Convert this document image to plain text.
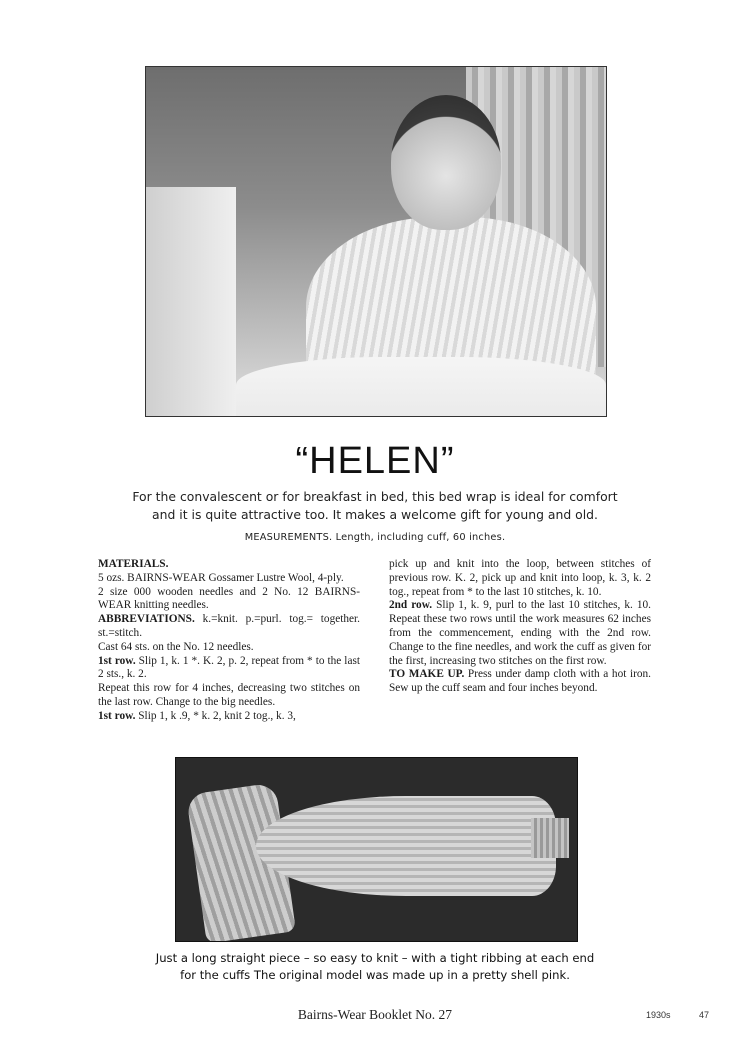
“HELEN”
For the convalescent or for breakfast in bed, this bed wrap is ideal for comfort
and it is quite attractive too. It makes a welcome gift for young and old.
MEASUREMENTS. Length, including cuff, 60 inches.

MATERIALS.

5 ozs. BAIRNS-WEAR Gossamer Lustre Wool, 4-ply.

2 size 000 wooden needles and 2 No. 12 BAIRNS-WEAR knitting needles.

ABBREVIATIONS. k.=knit. p.=purl. tog.= together. st.=stitch.

Cast 64 sts. on the No. 12 needles.

1st row. Slip 1, k. 1 *. K. 2, p. 2, repeat from * to the last 2 sts., k. 2.

Repeat this row for 4 inches, decreasing two stitches on the last row. Change to the big needles.

1st row. Slip 1, k .9, * k. 2, knit 2 tog., k. 3,

pick up and knit into the loop, between stitches of previous row. K. 2, pick up and knit into loop, k. 3, k. 2 tog., repeat from * to the last 10 stitches, k. 10.

2nd row. Slip 1, k. 9, purl to the last 10 stitches, k. 10. Repeat these two rows until the work measures 62 inches from the commencement, ending with the 2nd row. Change to the fine needles, and work the cuff as given for the first, increasing two stitches on the first row.

TO MAKE UP. Press under damp cloth with a hot iron. Sew up the cuff seam and four inches beyond.

Just a long straight piece – so easy to knit – with a tight ribbing at each end
for the cuffs The original model was made up in a pretty shell pink.
Bairns-Wear Booklet No. 27	1930s	47
